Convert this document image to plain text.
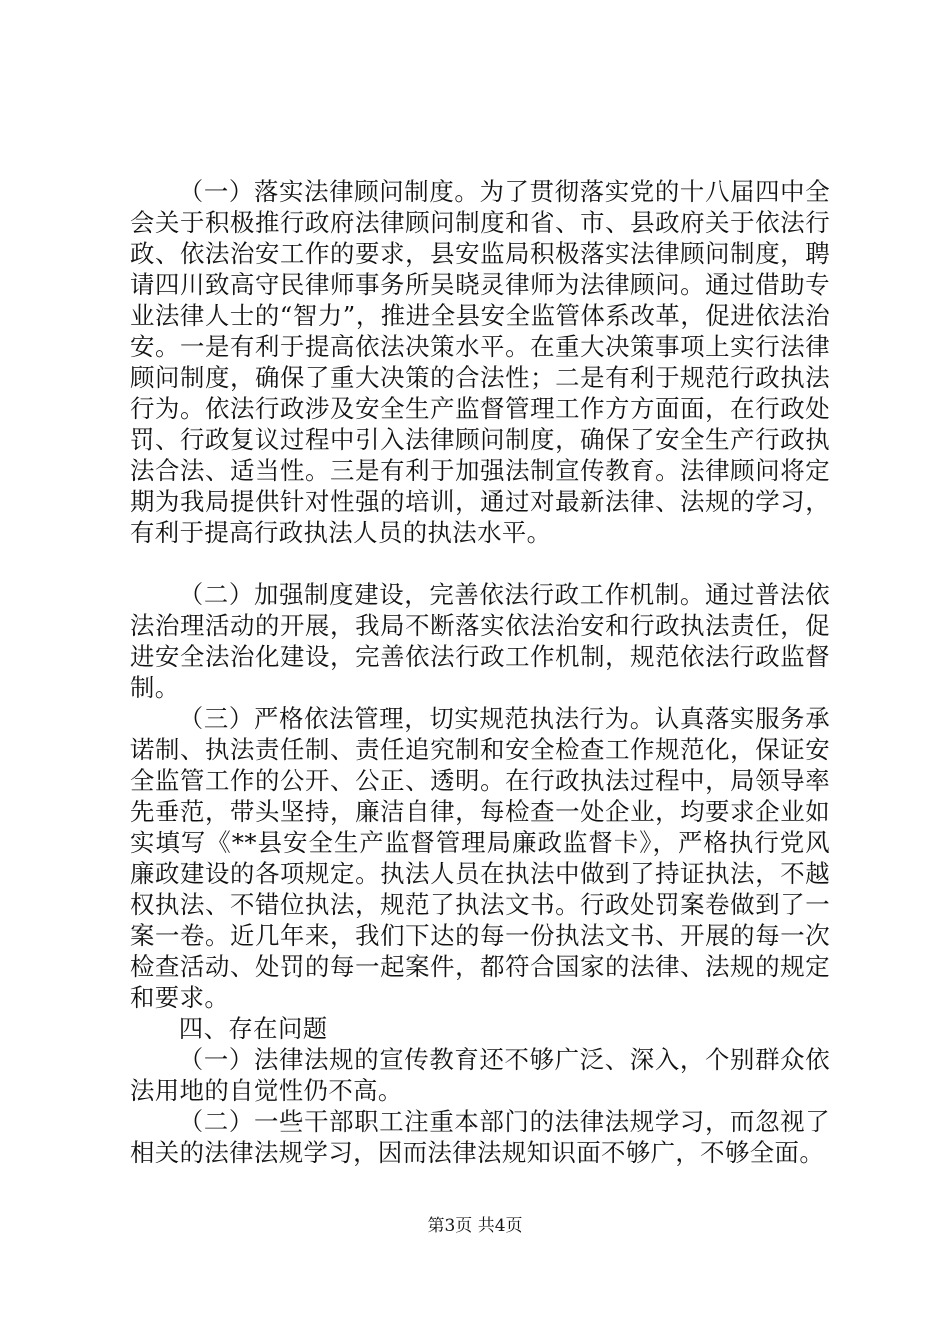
（一）落实法律顾问制度。为了贯彻落实党的十八届四中全会关于积极推行政府法律顾问制度和省、市、县政府关于依法行政、依法治安工作的要求，县安监局积极落实法律顾问制度，聘请四川致高守民律师事务所吴晓灵律师为法律顾问。通过借助专业法律人士的“智力”，推进全县安全监管体系改革，促进依法治安。一是有利于提高依法决策水平。在重大决策事项上实行法律顾问制度，确保了重大决策的合法性；二是有利于规范行政执法行为。依法行政涉及安全生产监督管理工作方方面面，在行政处罚、行政复议过程中引入法律顾问制度，确保了安全生产行政执法合法、适当性。三是有利于加强法制宣传教育。法律顾问将定期为我局提供针对性强的培训，通过对最新法律、法规的学习，有利于提高行政执法人员的执法水平。

（二）加强制度建设，完善依法行政工作机制。通过普法依法治理活动的开展，我局不断落实依法治安和行政执法责任，促进安全法治化建设，完善依法行政工作机制，规范依法行政监督制。

（三）严格依法管理，切实规范执法行为。认真落实服务承诺制、执法责任制、责任追究制和安全检查工作规范化，保证安全监管工作的公开、公正、透明。在行政执法过程中，局领导率先垂范，带头坚持，廉洁自律，每检查一处企业，均要求企业如实填写《**县安全生产监督管理局廉政监督卡》，严格执行党风廉政建设的各项规定。执法人员在执法中做到了持证执法，不越权执法、不错位执法，规范了执法文书。行政处罚案卷做到了一案一卷。近几年来，我们下达的每一份执法文书、开展的每一次检查活动、处罚的每一起案件，都符合国家的法律、法规的规定和要求。

四、存在问题

（一）法律法规的宣传教育还不够广泛、深入，个别群众依法用地的自觉性仍不高。

（二）一些干部职工注重本部门的法律法规学习，而忽视了相关的法律法规学习，因而法律法规知识面不够广，不够全面。

第3页 共4页
